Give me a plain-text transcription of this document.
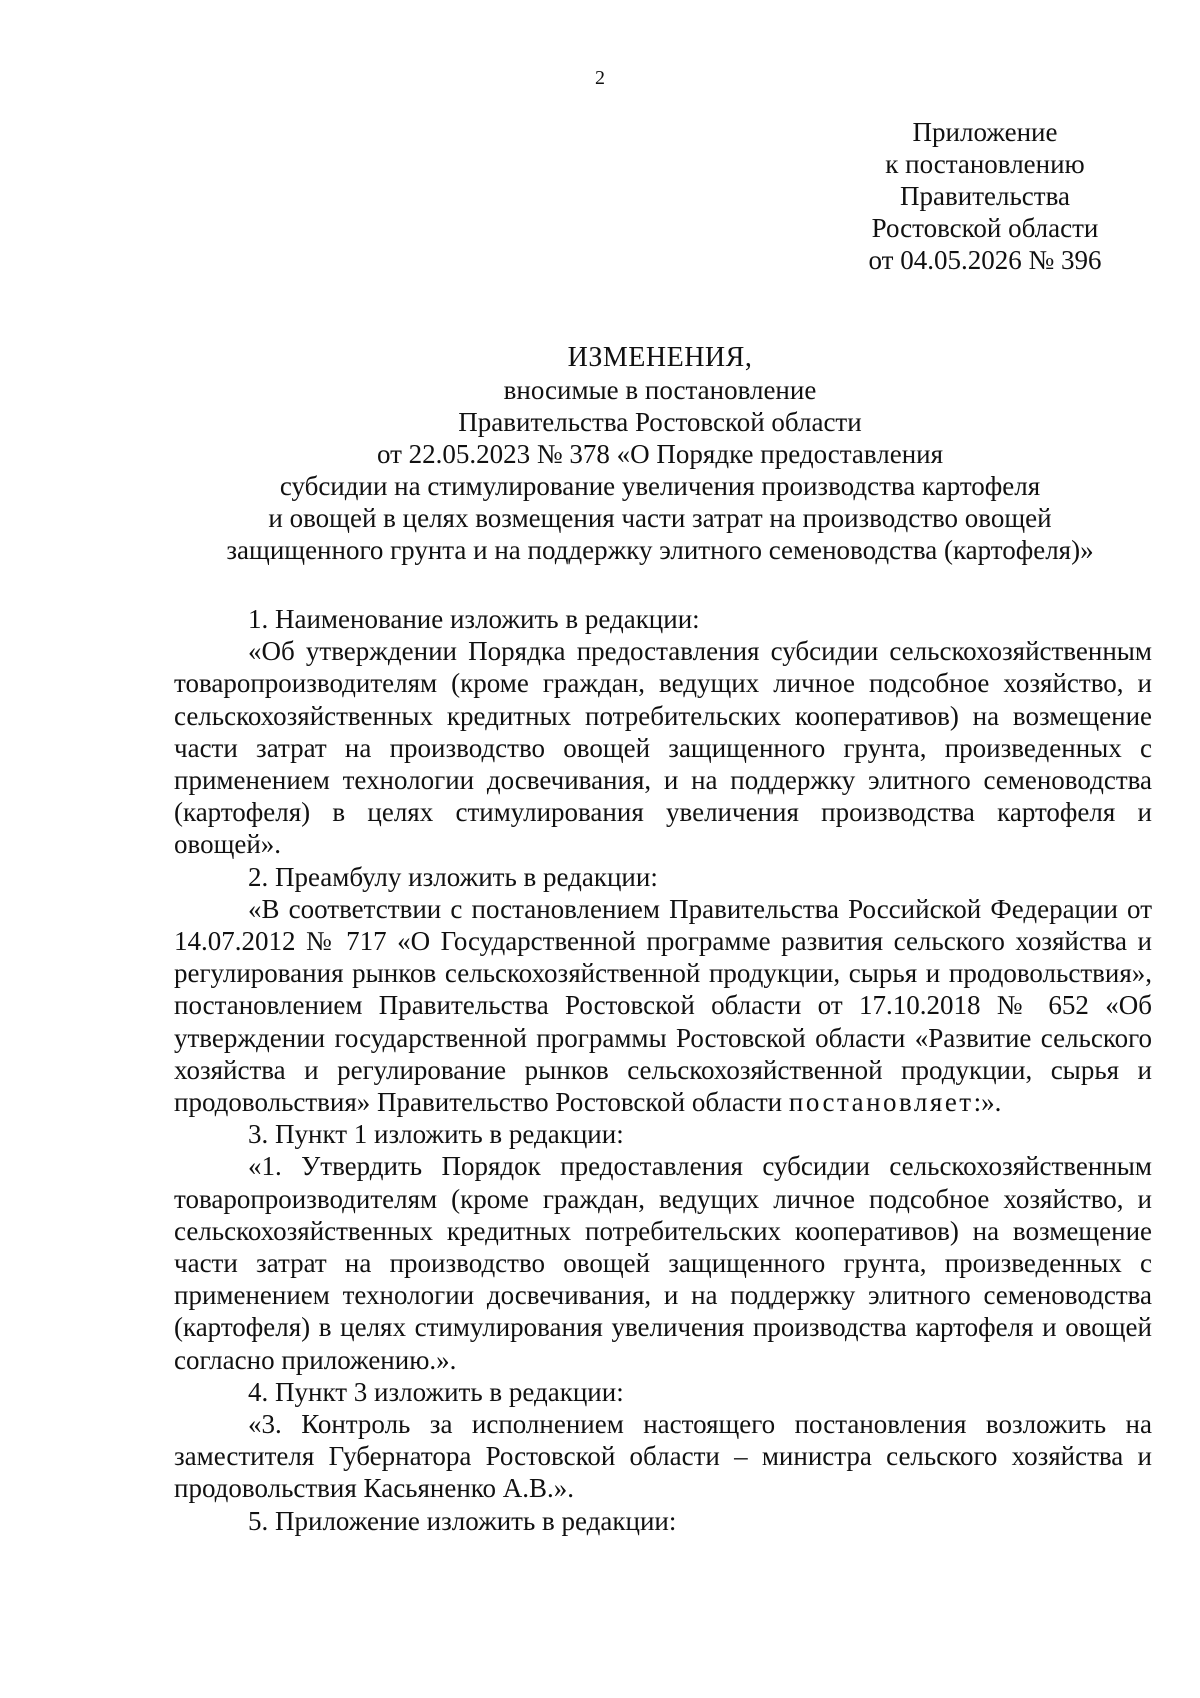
2
Приложение
к постановлению
Правительства
Ростовской области
от 04.05.2026 № 396
ИЗМЕНЕНИЯ,
вносимые в постановление
Правительства Ростовской области
от 22.05.2023 № 378 «О Порядке предоставления
субсидии на стимулирование увеличения производства картофеля
и овощей в целях возмещения части затрат на производство овощей
защищенного грунта и на поддержку элитного семеноводства (картофеля)»

1. Наименование изложить в редакции:

«Об утверждении Порядка предоставления субсидии сельскохозяйственным товаропроизводителям (кроме граждан, ведущих личное подсобное хозяйство, и сельскохозяйственных кредитных потребительских кооперативов) на возмещение части затрат на производство овощей защищенного грунта, произведенных с применением технологии досвечивания, и на поддержку элитного семеноводства (картофеля) в целях стимулирования увеличения производства картофеля и овощей».

2. Преамбулу изложить в редакции:

«В соответствии с постановлением Правительства Российской Федерации от 14.07.2012 № 717 «О Государственной программе развития сельского хозяйства и регулирования рынков сельскохозяйственной продукции, сырья и продовольствия», постановлением Правительства Ростовской области от 17.10.2018 № 652 «Об утверждении государственной программы Ростовской области «Развитие сельского хозяйства и регулирование рынков сельскохозяйственной продукции, сырья и продовольствия» Правительство Ростовской области постановляет:».

3. Пункт 1 изложить в редакции:

«1. Утвердить Порядок предоставления субсидии сельскохозяйственным товаропроизводителям (кроме граждан, ведущих личное подсобное хозяйство, и сельскохозяйственных кредитных потребительских кооперативов) на возмещение части затрат на производство овощей защищенного грунта, произведенных с применением технологии досвечивания, и на поддержку элитного семеноводства (картофеля) в целях стимулирования увеличения производства картофеля и овощей согласно приложению.».

4. Пункт 3 изложить в редакции:

«3. Контроль за исполнением настоящего постановления возложить на заместителя Губернатора Ростовской области – министра сельского хозяйства и продовольствия Касьяненко А.В.».

5. Приложение изложить в редакции:
